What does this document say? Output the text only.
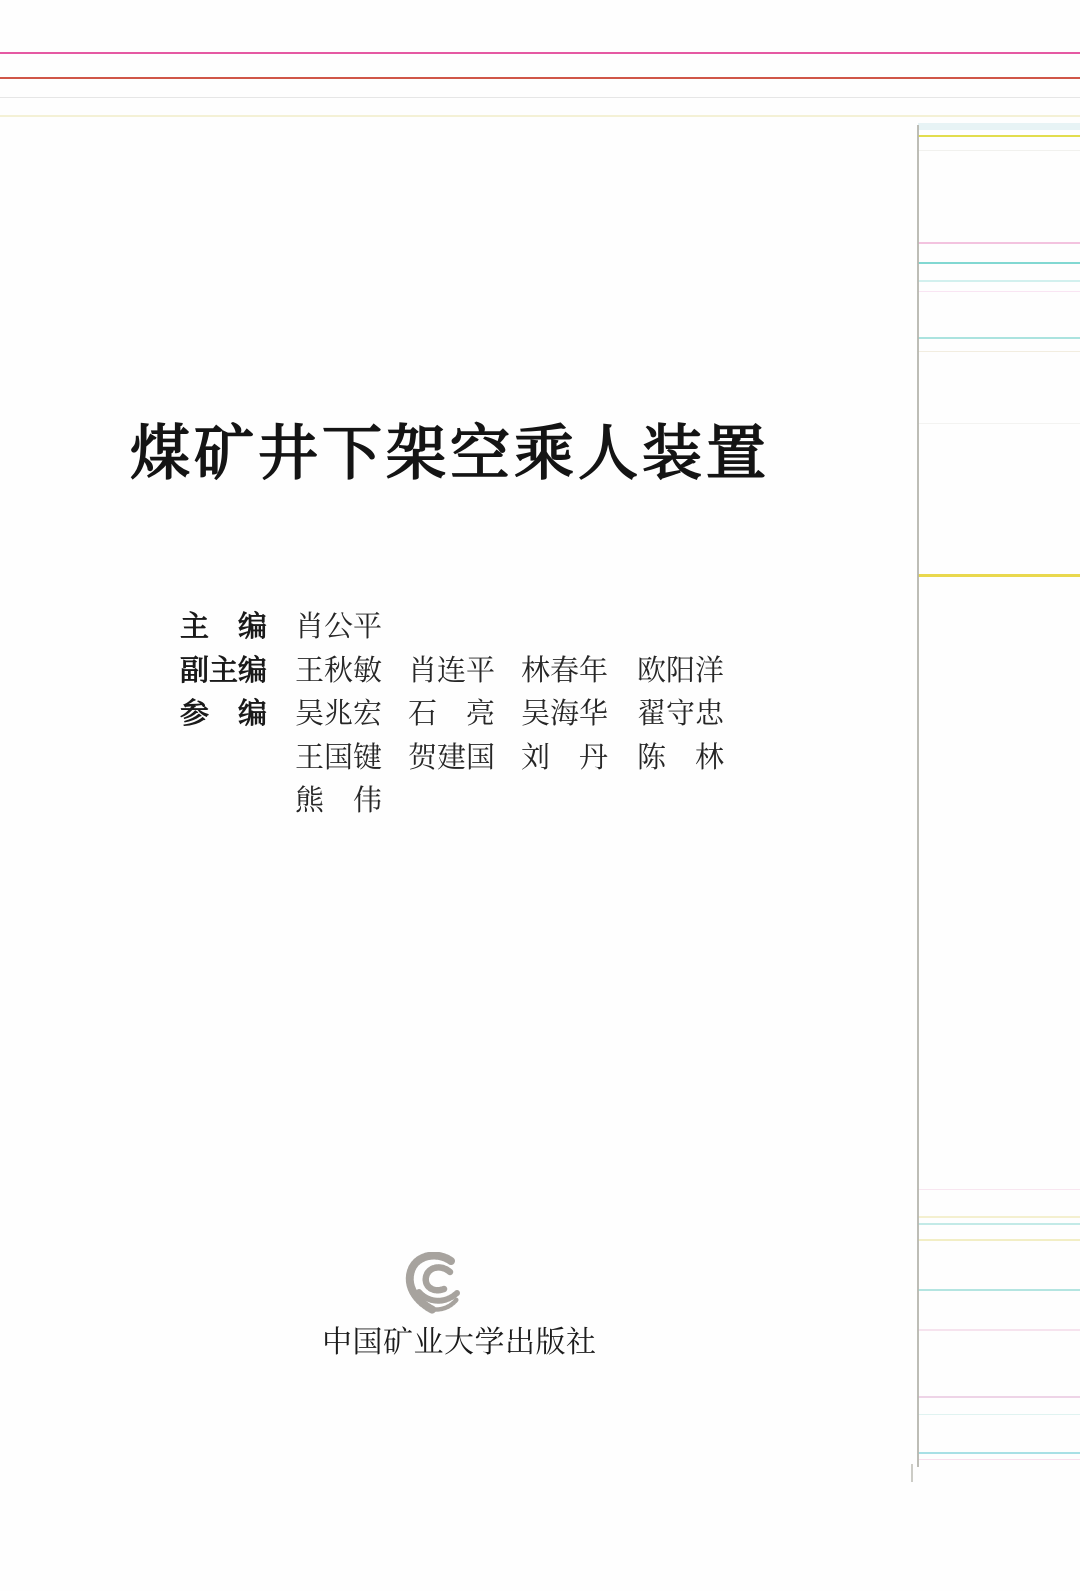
煤矿井下架空乘人装置
主　编 肖公平
副主编 王秋敏 肖连平 林春年 欧阳洋
参　编 吴兆宏 石　亮 吴海华 翟守忠
王国键 贺建国 刘　丹 陈　林
熊　伟
中国矿业大学出版社
